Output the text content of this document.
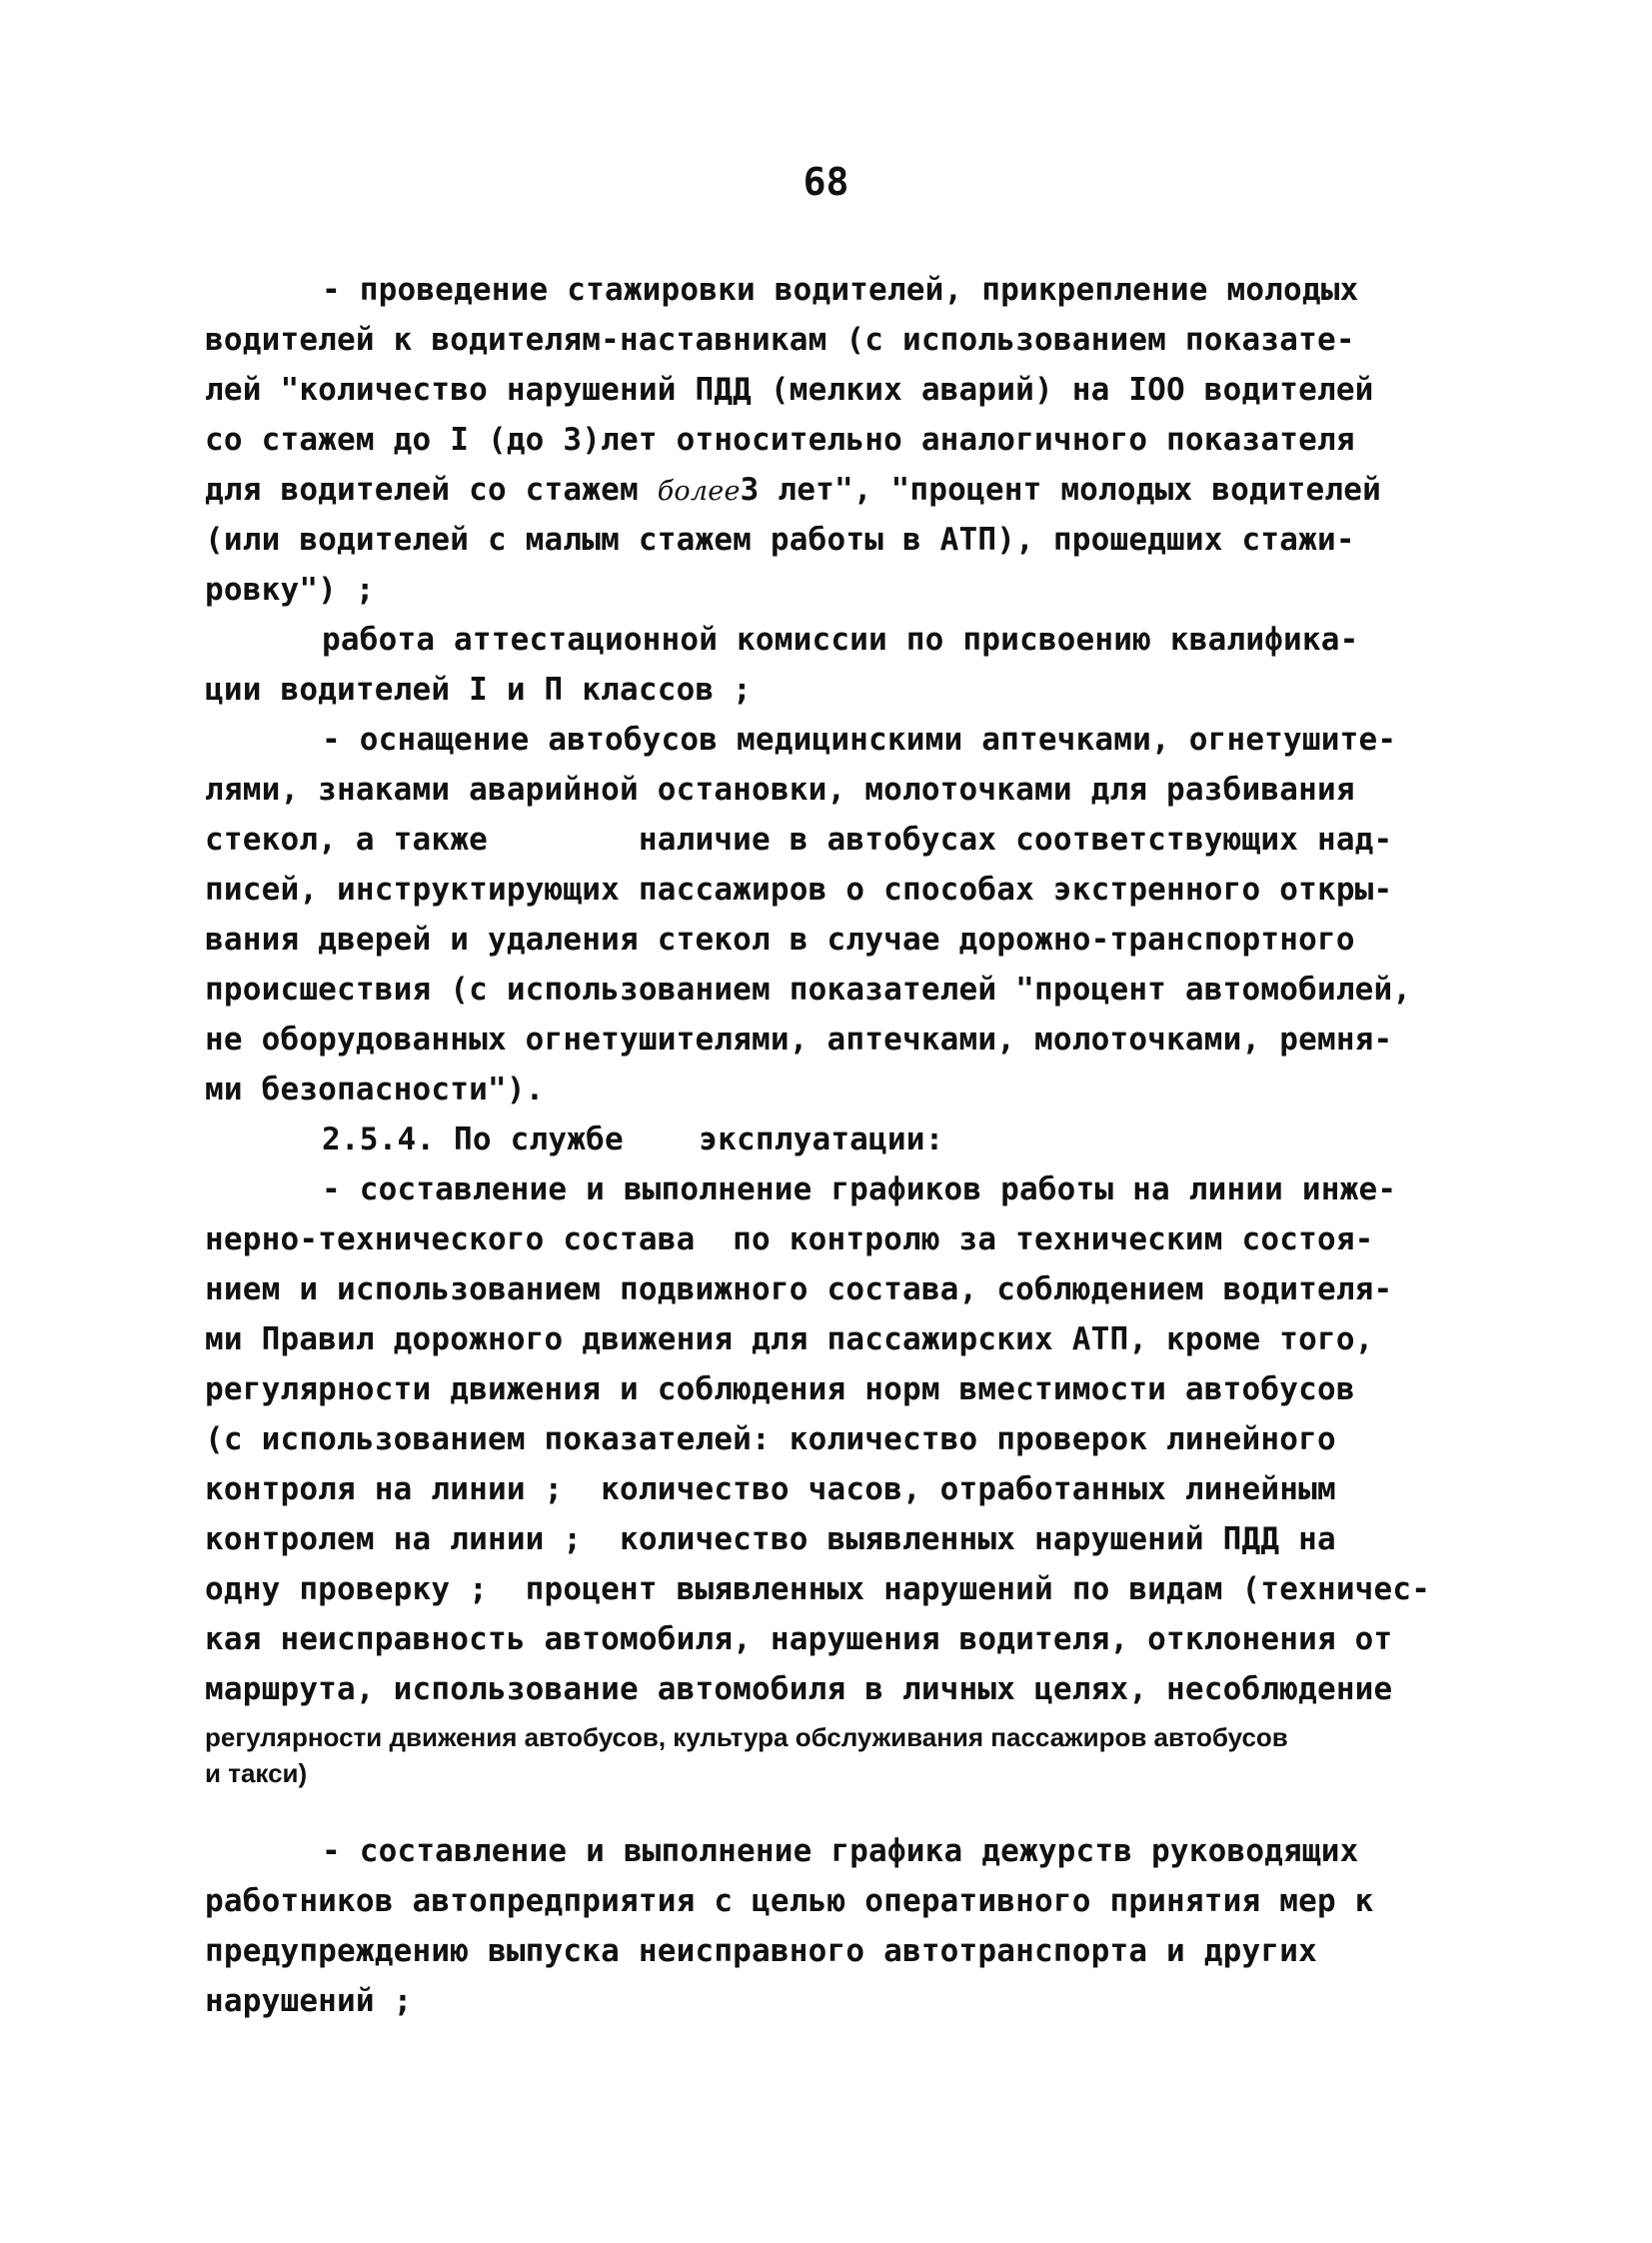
68
- проведение стажировки водителей, прикрепление молодых
водителей к водителям-наставникам (с использованием показате-
лей "количество нарушений ПДД (мелких аварий) на IOO водителей
со стажем до I (до 3)лет относительно аналогичного показателя
для водителей со стажем более3 лет", "процент молодых водителей
(или водителей с малым стажем работы в АТП), прошедших стажи-
ровку") ;
работа аттестационной комиссии по присвоению квалифика-
ции водителей I и П классов ;
- оснащение автобусов медицинскими аптечками, огнетушите-
лями, знаками аварийной остановки, молоточками для разбивания
стекол, а также        наличие в автобусах соответствующих над-
писей, инструктирующих пассажиров о способах экстренного откры-
вания дверей и удаления стекол в случае дорожно-транспортного
происшествия (с использованием показателей "процент автомобилей,
не оборудованных огнетушителями, аптечками, молоточками, ремня-
ми безопасности").
2.5.4. По службе    эксплуатации:
- составление и выполнение графиков работы на линии инже-
нерно-технического состава  по контролю за техническим состоя-
нием и использованием подвижного состава, соблюдением водителя-
ми Правил дорожного движения для пассажирских АТП, кроме того,
регулярности движения и соблюдения норм вместимости автобусов
(с использованием показателей: количество проверок линейного
контроля на линии ;  количество часов, отработанных линейным
контролем на линии ;  количество выявленных нарушений ПДД на
одну проверку ;  процент выявленных нарушений по видам (техничес-
кая неисправность автомобиля, нарушения водителя, отклонения от
маршрута, использование автомобиля в личных целях, несоблюдение
регулярности движения автобусов, культура обслуживания пассажиров автобусов
и такси)
- составление и выполнение графика дежурств руководящих
работников автопредприятия с целью оперативного принятия мер к
предупреждению выпуска неисправного автотранспорта и других
нарушений ;
